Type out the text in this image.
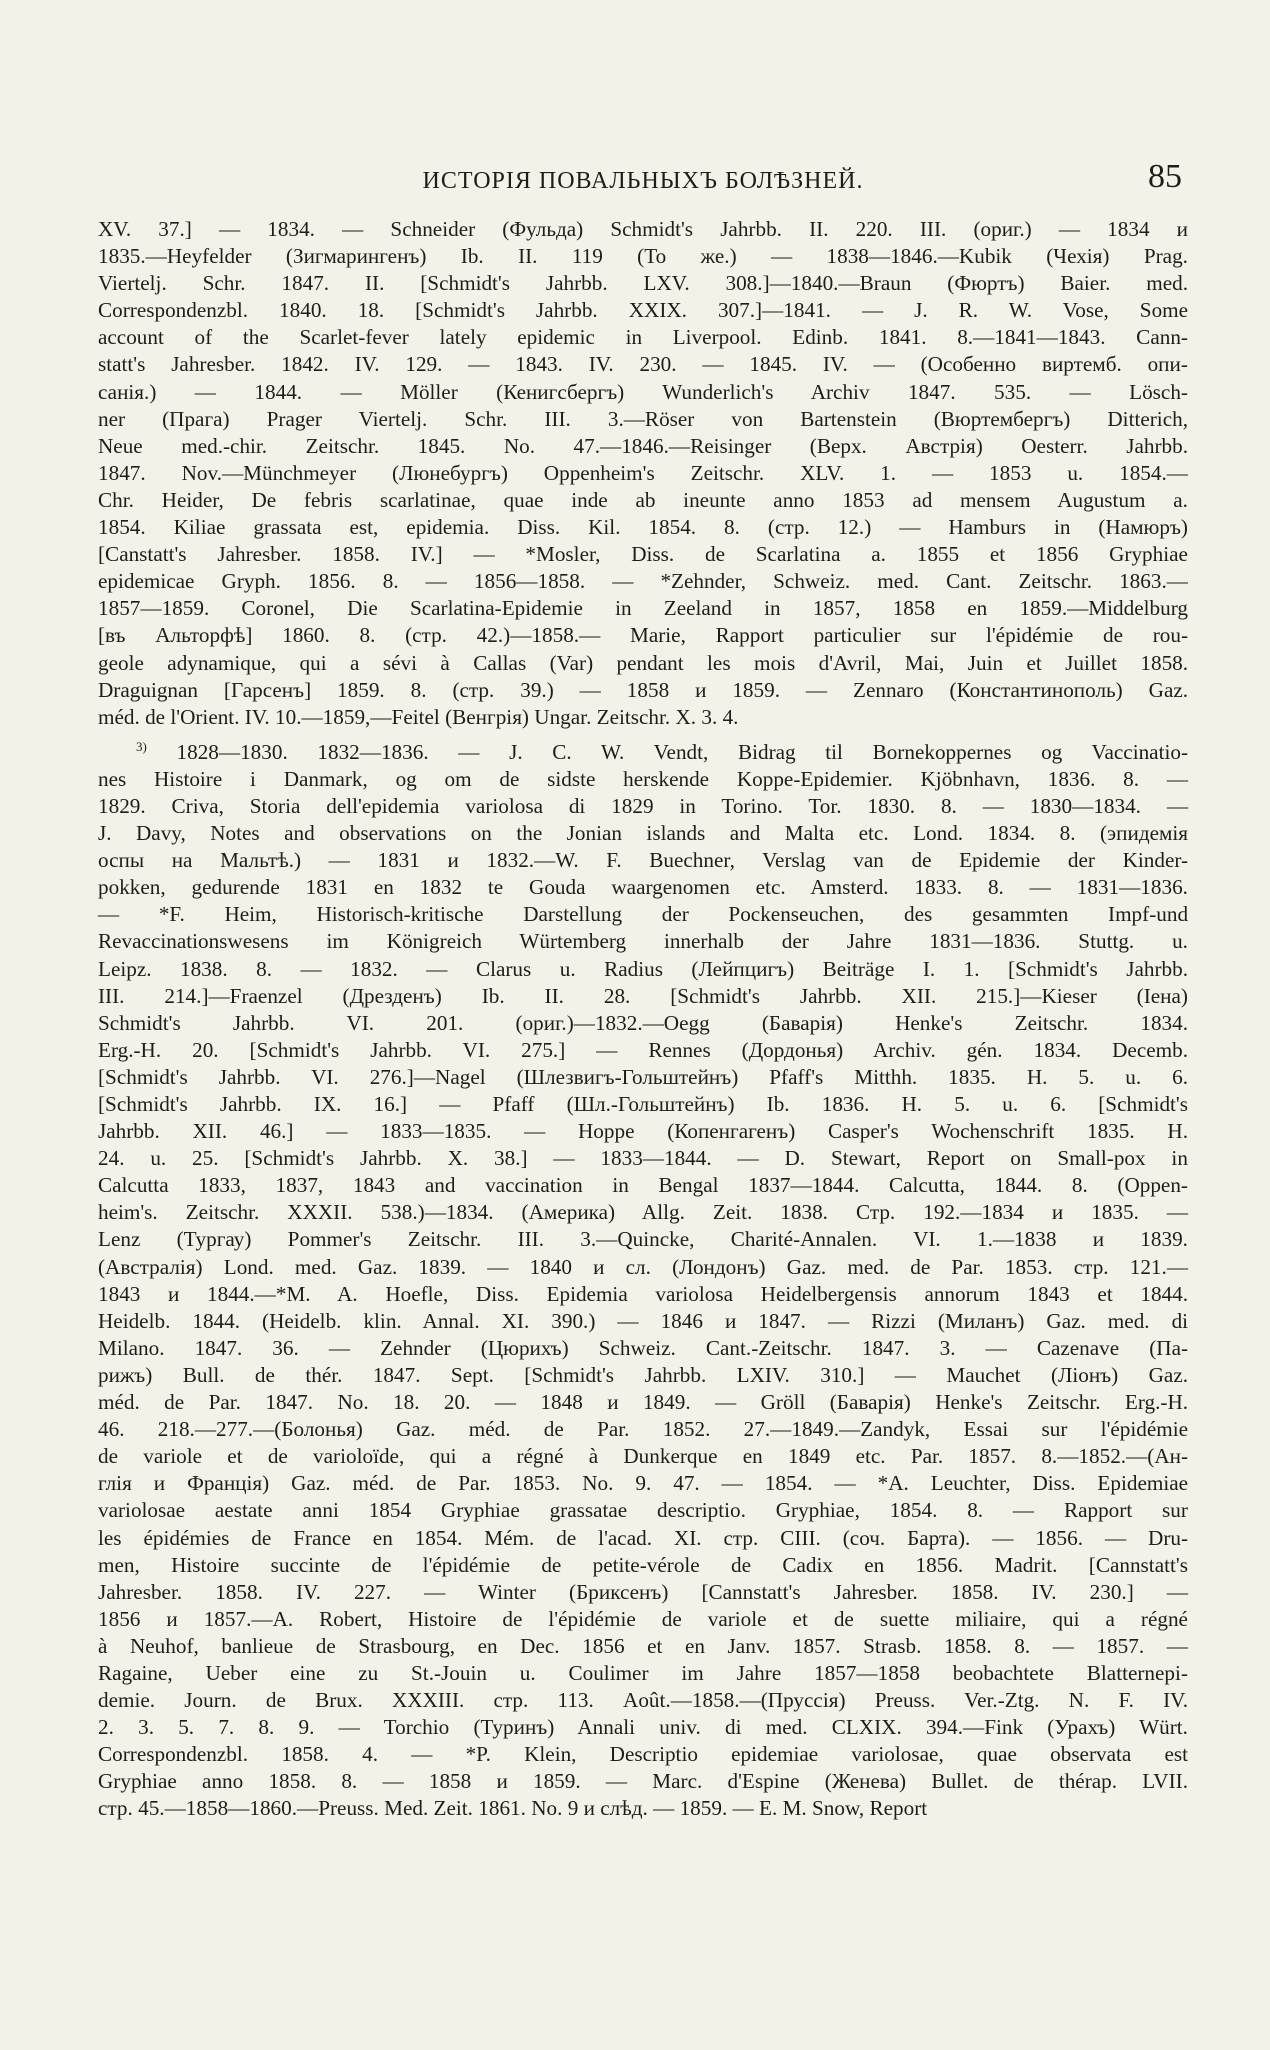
ИСТОРІЯ ПОВАЛЬНЫХЪ БОЛѢЗНЕЙ.	85
XV. 37.] — 1834. — Schneider (Фульда) Schmidt's Jahrbb. II. 220. III. (ориг.) — 1834 и
1835.—Heyfelder (Зигмарингенъ) Ib. II. 119 (То же.) — 1838—1846.—Kubik (Чехія) Prag.
Viertelj. Schr. 1847. II. [Schmidt's Jahrbb. LXV. 308.]—1840.—Braun (Фюртъ) Baier. med.
Correspondenzbl. 1840. 18. [Schmidt's Jahrbb. XXIX. 307.]—1841. — J. R. W. Vose, Some
account of the Scarlet-fever lately epidemic in Liverpool. Edinb. 1841. 8.—1841—1843. Cann-
statt's Jahresber. 1842. IV. 129. — 1843. IV. 230. — 1845. IV. — (Особенно виртемб. опи-
санія.) — 1844. — Möller (Кенигсбергъ) Wunderlich's Archiv 1847. 535. — Lösch-
ner (Прага) Prager Viertelj. Schr. III. 3.—Röser von Bartenstein (Вюртембергъ) Ditterich,
Neue med.-chir. Zeitschr. 1845. No. 47.—1846.—Reisinger (Верх. Австрія) Oesterr. Jahrbb.
1847. Nov.—Münchmeyer (Люнебургъ) Oppenheim's Zeitschr. XLV. 1. — 1853 u. 1854.—
Chr. Heider, De febris scarlatinae, quae inde ab ineunte anno 1853 ad mensem Augustum a.
1854. Kiliae grassata est, epidemia. Diss. Kil. 1854. 8. (стр. 12.) — Hamburs in (Намюръ)
[Canstatt's Jahresber. 1858. IV.] — *Mosler, Diss. de Scarlatina a. 1855 et 1856 Gryphiae
epidemicae Gryph. 1856. 8. — 1856—1858. — *Zehnder, Schweiz. med. Cant. Zeitschr. 1863.—
1857—1859. Coronel, Die Scarlatina-Epidemie in Zeeland in 1857, 1858 en 1859.—Middelburg
[въ Альторфѣ] 1860. 8. (стр. 42.)—1858.— Marie, Rapport particulier sur l'épidémie de rou-
geole adynamique, qui a sévi à Callas (Var) pendant les mois d'Avril, Mai, Juin et Juillet 1858.
Draguignan [Гарсенъ] 1859. 8. (стр. 39.) — 1858 и 1859. — Zennaro (Константинополь) Gaz.
méd. de l'Orient. IV. 10.—1859,—Feitel (Венгрія) Ungar. Zeitschr. X. 3. 4.
$^{3)}$ 1828—1830. 1832—1836. — J. C. W. Vendt, Bidrag til Bornekoppernes og Vaccinatio-
nes Histoire i Danmark, og om de sidste herskende Koppe-Epidemier. Kjöbnhavn, 1836. 8. —
1829. Criva, Storia dell'epidemia variolosa di 1829 in Torino. Tor. 1830. 8. — 1830—1834. —
J. Davy, Notes and observations on the Jonian islands and Malta etc. Lond. 1834. 8. (эпидемія
оспы на Мальтѣ.) — 1831 и 1832.—W. F. Buechner, Verslag van de Epidemie der Kinder-
pokken, gedurende 1831 en 1832 te Gouda waargenomen etc. Amsterd. 1833. 8. — 1831—1836.
— *F. Heim, Historisch-kritische Darstellung der Pockenseuchen, des gesammten Impf-und
Revaccinationswesens im Königreich Würtemberg innerhalb der Jahre 1831—1836. Stuttg. u.
Leipz. 1838. 8. — 1832. — Clarus u. Radius (Лейпцигъ) Beiträge I. 1. [Schmidt's Jahrbb.
III. 214.]—Fraenzel (Дрезденъ) Ib. II. 28. [Schmidt's Jahrbb. XII. 215.]—Kieser (Іена)
Schmidt's Jahrbb. VI. 201. (ориг.)—1832.—Oegg (Баварія) Henke's Zeitschr. 1834.
Erg.-H. 20. [Schmidt's Jahrbb. VI. 275.] — Rennes (Дордонья) Archiv. gén. 1834. Decemb.
[Schmidt's Jahrbb. VI. 276.]—Nagel (Шлезвигъ-Гольштейнъ) Pfaff's Mitthh. 1835. H. 5. u. 6.
[Schmidt's Jahrbb. IX. 16.] — Pfaff (Шл.-Гольштейнъ) Ib. 1836. H. 5. u. 6. [Schmidt's
Jahrbb. XII. 46.] — 1833—1835. — Hoppe (Копенгагенъ) Casper's Wochenschrift 1835. H.
24. u. 25. [Schmidt's Jahrbb. X. 38.] — 1833—1844. — D. Stewart, Report on Small-pox in
Calcutta 1833, 1837, 1843 and vaccination in Bengal 1837—1844. Calcutta, 1844. 8. (Oppen-
heim's. Zeitschr. XXXII. 538.)—1834. (Америка) Allg. Zeit. 1838. Стр. 192.—1834 и 1835. —
Lenz (Тургау) Pommer's Zeitschr. III. 3.—Quincke, Charité-Annalen. VI. 1.—1838 и 1839.
(Австралія) Lond. med. Gaz. 1839. — 1840 и сл. (Лондонъ) Gaz. med. de Par. 1853. стр. 121.—
1843 и 1844.—*M. A. Hoefle, Diss. Epidemia variolosa Heidelbergensis annorum 1843 et 1844.
Heidelb. 1844. (Heidelb. klin. Annal. XI. 390.) — 1846 и 1847. — Rizzi (Миланъ) Gaz. med. di
Milano. 1847. 36. — Zehnder (Цюрихъ) Schweiz. Cant.-Zeitschr. 1847. 3. — Cazenave (Па-
рижъ) Bull. de thér. 1847. Sept. [Schmidt's Jahrbb. LXIV. 310.] — Mauchet (Ліонъ) Gaz.
méd. de Par. 1847. No. 18. 20. — 1848 и 1849. — Gröll (Баварія) Henke's Zeitschr. Erg.-H.
46. 218.—277.—(Болонья) Gaz. méd. de Par. 1852. 27.—1849.—Zandyk, Essai sur l'épidémie
de variole et de varioloïde, qui a régné à Dunkerque en 1849 etc. Par. 1857. 8.—1852.—(Ан-
глія и Франція) Gaz. méd. de Par. 1853. No. 9. 47. — 1854. — *A. Leuchter, Diss. Epidemiae
variolosae aestate anni 1854 Gryphiae grassatae descriptio. Gryphiae, 1854. 8. — Rapport sur
les épidémies de France en 1854. Mém. de l'acad. XI. стр. CIII. (соч. Барта). — 1856. — Dru-
men, Histoire succinte de l'épidémie de petite-vérole de Cadix en 1856. Madrit. [Cannstatt's
Jahresber. 1858. IV. 227. — Winter (Бриксенъ) [Cannstatt's Jahresber. 1858. IV. 230.] —
1856 и 1857.—A. Robert, Histoire de l'épidémie de variole et de suette miliaire, qui a régné
à Neuhof, banlieue de Strasbourg, en Dec. 1856 et en Janv. 1857. Strasb. 1858. 8. — 1857. —
Ragaine, Ueber eine zu St.-Jouin u. Coulimer im Jahre 1857—1858 beobachtete Blatternepi-
demie. Journ. de Brux. XXXIII. стр. 113. Août.—1858.—(Пруссія) Preuss. Ver.-Ztg. N. F. IV.
2. 3. 5. 7. 8. 9. — Torchio (Туринъ) Annali univ. di med. CLXIX. 394.—Fink (Урахъ) Würt.
Correspondenzbl. 1858. 4. — *P. Klein, Descriptio epidemiae variolosae, quae observata est
Gryphiae anno 1858. 8. — 1858 и 1859. — Marc. d'Espine (Женева) Bullet. de thérap. LVII.
стр. 45.—1858—1860.—Preuss. Med. Zeit. 1861. No. 9 и слѣд. — 1859. — E. M. Snow, Report
